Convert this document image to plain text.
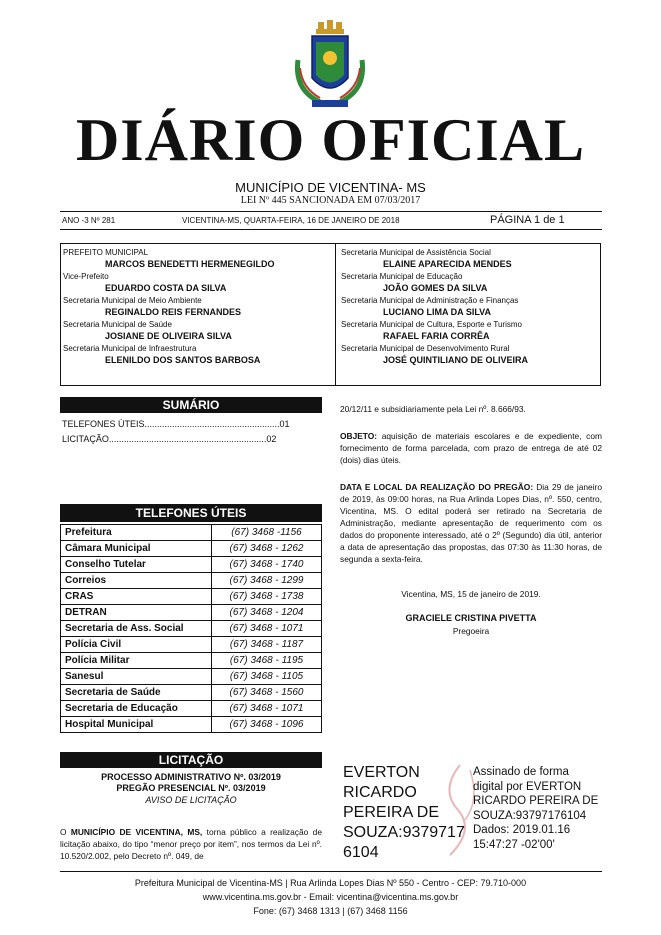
DIÁRIO OFICIAL
MUNICÍPIO DE VICENTINA- MS
LEI Nº 445 SANCIONADA EM 07/03/2017
ANO -3 Nº 281	VICENTINA-MS, QUARTA-FEIRA, 16 DE JANEIRO DE 2018	PÁGINA 1 de 1
PREFEITO MUNICIPAL
MARCOS BENEDETTI HERMENEGILDO
Vice-Prefeito
EDUARDO COSTA DA SILVA
Secretaria Municipal de Meio Ambiente
REGINALDO REIS FERNANDES
Secretaria Municipal de Saúde
JOSIANE DE OLIVEIRA SILVA
Secretaria Municipal de Infraestrutura
ELENILDO DOS SANTOS BARBOSA
Secretaria Municipal de Assistência Social
ELAINE APARECIDA MENDES
Secretaria Municipal de Educação
JOÃO GOMES DA SILVA
Secretaria Municipal de Administração e Finanças
LUCIANO LIMA DA SILVA
Secretaria Municipal de Cultura, Esporte e Turismo
RAFAEL FARIA CORRÊA
Secretaria Municipal de Desenvolvimento Rural
JOSÉ QUINTILIANO DE OLIVEIRA
SUMÁRIO
TELEFONES ÚTEIS......................................................01
LICITAÇÃO...............................................................02
TELEFONES ÚTEIS
Prefeitura	(67) 3468 -1156
Câmara Municipal	(67) 3468 - 1262
Conselho Tutelar	(67) 3468 - 1740
Correios	(67) 3468 - 1299
CRAS	(67) 3468 - 1738
DETRAN	(67) 3468 - 1204
Secretaria de Ass. Social	(67) 3468 - 1071
Polícia Civil	(67) 3468 - 1187
Polícia Militar	(67) 3468 - 1195
Sanesul	(67) 3468 - 1105
Secretaria de Saúde	(67) 3468 - 1560
Secretaria de Educação	(67) 3468 - 1071
Hospital Municipal	(67) 3468 - 1096
LICITAÇÃO
PROCESSO ADMINISTRATIVO Nº. 03/2019
PREGÃO PRESENCIAL Nº. 03/2019
AVISO DE LICITAÇÃO
O MUNICÍPIO DE VICENTINA, MS, torna público a realização de licitação abaixo, do tipo “menor preço por item”, nos termos da Lei nº. 10.520/2.002, pelo Decreto nº. 049, de
20/12/11 e subsidiariamente pela Lei nº. 8.666/93.
OBJETO: aquisição de materiais escolares e de expediente, com fornecimento de forma parcelada, com prazo de entrega de até 02 (dois) dias úteis.
DATA E LOCAL DA REALIZAÇÃO DO PREGÃO: Dia 29 de janeiro de 2019, às 09:00 horas, na Rua Arlinda Lopes Dias, nº. 550, centro, Vicentina, MS. O edital poderá ser retirado na Secretaria de Administração, mediante apresentação de requerimento com os dados do proponente interessado, até o 2º (Segundo) dia útil, anterior a data de apresentação das propostas, das 07:30 às 11:30 horas, de segunda a sexta-feira.
Vicentina, MS, 15 de janeiro de 2019.
GRACIELE CRISTINA PIVETTA
Pregoeira
EVERTON
RICARDO
PEREIRA DE
SOUZA:9379717
6104
Assinado de forma
digital por EVERTON
RICARDO PEREIRA DE
SOUZA:93797176104
Dados: 2019.01.16
15:47:27 -02'00'
Prefeitura Municipal de Vicentina-MS | Rua Arlinda Lopes Dias Nº 550 - Centro - CEP: 79.710-000
www.vicentina.ms.gov.br - Email: vicentina@vicentina.ms.gov.br
Fone: (67) 3468 1313 | (67) 3468 1156
